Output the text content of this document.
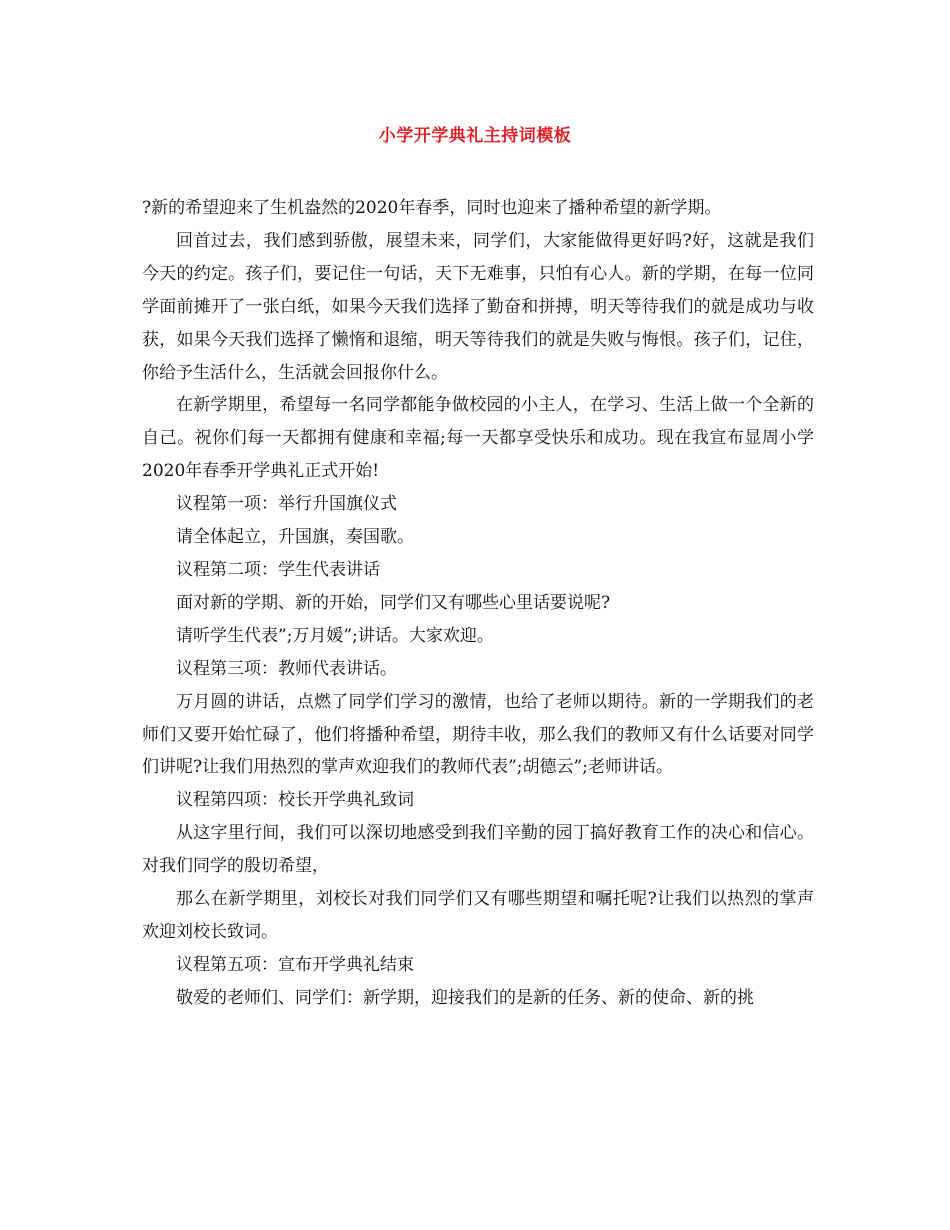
小学开学典礼主持词模板

?新的希望迎来了生机盎然的2020年春季，同时也迎来了播种希望的新学期。

回首过去，我们感到骄傲，展望未来，同学们，大家能做得更好吗?好，这就是我们今天的约定。孩子们，要记住一句话，天下无难事，只怕有心人。新的学期，在每一位同学面前摊开了一张白纸，如果今天我们选择了勤奋和拼搏，明天等待我们的就是成功与收获，如果今天我们选择了懒惰和退缩，明天等待我们的就是失败与悔恨。孩子们，记住，你给予生活什么，生活就会回报你什么。

在新学期里，希望每一名同学都能争做校园的小主人，在学习、生活上做一个全新的自己。祝你们每一天都拥有健康和幸福;每一天都享受快乐和成功。现在我宣布显周小学2020年春季开学典礼正式开始!

议程第一项：举行升国旗仪式

请全体起立，升国旗，奏国歌。

议程第二项：学生代表讲话

面对新的学期、新的开始，同学们又有哪些心里话要说呢?

请听学生代表”;万月媛”;讲话。大家欢迎。

议程第三项：教师代表讲话。

万月圆的讲话，点燃了同学们学习的激情，也给了老师以期待。新的一学期我们的老师们又要开始忙碌了，他们将播种希望，期待丰收，那么我们的教师又有什么话要对同学们讲呢?让我们用热烈的掌声欢迎我们的教师代表”;胡德云”;老师讲话。

议程第四项：校长开学典礼致词

从这字里行间，我们可以深切地感受到我们辛勤的园丁搞好教育工作的决心和信心。对我们同学的殷切希望，

那么在新学期里，刘校长对我们同学们又有哪些期望和嘱托呢?让我们以热烈的掌声欢迎刘校长致词。

议程第五项：宣布开学典礼结束

敬爱的老师们、同学们：新学期，迎接我们的是新的任务、新的使命、新的挑
